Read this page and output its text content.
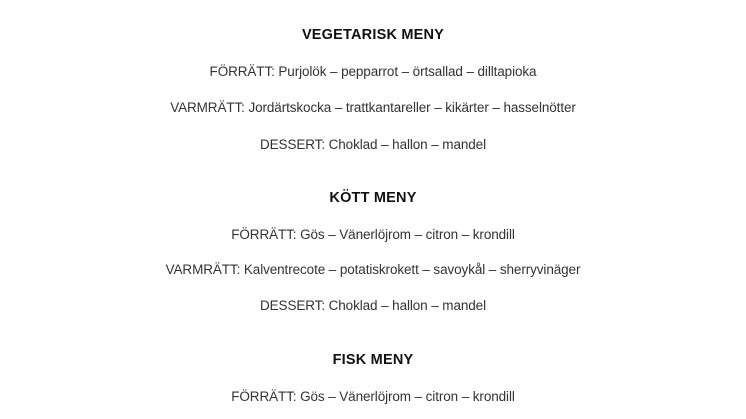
VEGETARISK MENY
FÖRRÄTT: Purjolök – pepparrot – örtsallad – dilltapioka
VARMRÄTT: Jordärtskocka – trattkantareller – kikärter – hasselnötter
DESSERT: Choklad – hallon – mandel
KÖTT MENY
FÖRRÄTT: Gös – Vänerlöjrom – citron – krondill
VARMRÄTT: Kalventrecote – potatiskrokett – savoykål – sherryvinäger
DESSERT: Choklad – hallon – mandel
FISK MENY
FÖRRÄTT: Gös – Vänerlöjrom – citron – krondill
